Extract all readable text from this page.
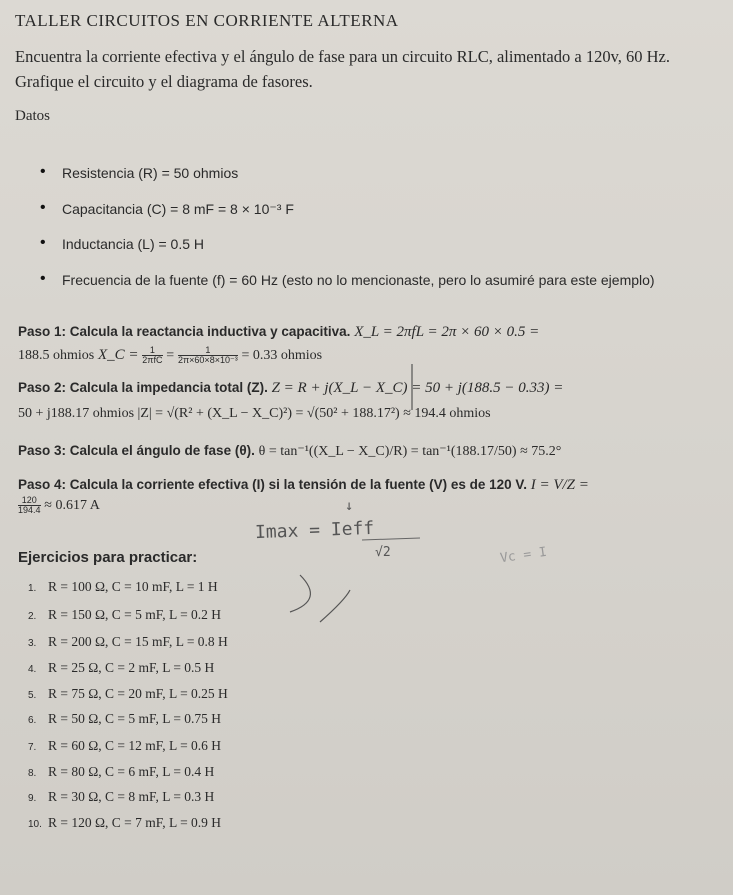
TALLER CIRCUITOS EN CORRIENTE ALTERNA
Encuentra la corriente efectiva y el ángulo de fase para un circuito RLC, alimentado a 120v, 60 Hz. Grafique el circuito y el diagrama de fasores.
Datos
• Resistencia (R) = 50 ohmios
• Capacitancia (C) = 8 mF = 8 × 10⁻³ F
• Inductancia (L) = 0.5 H
• Frecuencia de la fuente (f) = 60 Hz (esto no lo mencionaste, pero lo asumiré para este ejemplo)
Paso 1: Calcula la reactancia inductiva y capacitiva. X_L = 2πfL = 2π × 60 × 0.5 =
188.5 ohmios X_C = $\frac{1}{\text{2πfC}} = \frac{1}{\text{2π×60×8×10⁻³}} = 0.33$ ohmios
Paso 2: Calcula la impedancia total (Z). Z = R + j(X_L − X_C) = 50 + j(188.5 − 0.33) =
50 + j188.17 ohmios |Z| = √(R² + (X_L − X_C)²) = √(50² + 188.17²) ≈ 194.4 ohmios
Paso 3: Calcula el ángulo de fase (θ). θ = tan⁻¹((X_L − X_C)/R) = tan⁻¹(188.17/50) ≈ 75.2°
Paso 4: Calcula la corriente efectiva (I) si la tensión de la fuente (V) es de 120 V. I = V/Z =
$\frac{120}{194.4} \approx 0.617$ A	↓
Imax = Ieff
√2	Vc = I
Ejercicios para practicar:
1. R = 100 Ω, C = 10 mF, L = 1 H
2. R = 150 Ω, C = 5 mF, L = 0.2 H
3. R = 200 Ω, C = 15 mF, L = 0.8 H
4. R = 25 Ω, C = 2 mF, L = 0.5 H
5. R = 75 Ω, C = 20 mF, L = 0.25 H
6. R = 50 Ω, C = 5 mF, L = 0.75 H
7. R = 60 Ω, C = 12 mF, L = 0.6 H
8. R = 80 Ω, C = 6 mF, L = 0.4 H
9. R = 30 Ω, C = 8 mF, L = 0.3 H
10. R = 120 Ω, C = 7 mF, L = 0.9 H
